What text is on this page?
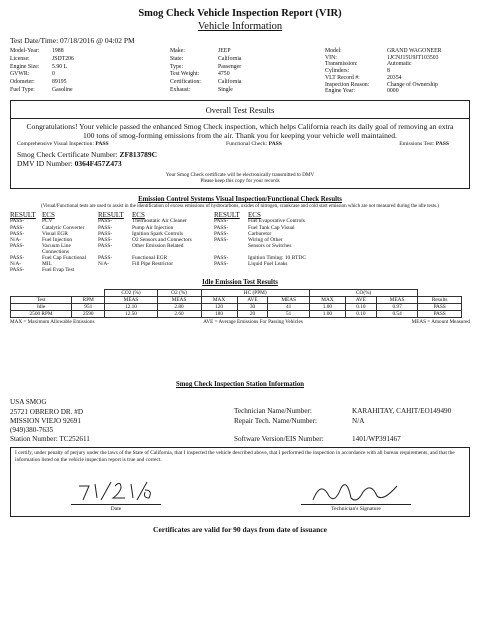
Smog Check Vehicle Inspection Report (VIR)
Vehicle Information
Test Date/Time: 07/18/2016 @ 04:02 PM
Model-Year:	1988
License:	JSDT206
Engine Size:	5.90 L
GVWR:	0
Odometer:	89195
Fuel Type:	Gasoline
Make:	JEEP
State:	California
Type:	Passenger
Test Weight:	4750
Certification:	California
Exhaust:	Single
Model:	GRAND WAGONEER
VIN:	1JCNJ15U9JT103503
Transmission:	Automatic
Cylinders:	8
VLT Record #:	20354
Inspection Reason:	Change of Ownership
Engine Year:	0000
Overall Test Results
Congratulations! Your vehicle passed the enhanced Smog Check inspection, which helps California reach its daily goal of removing an extra 100 tons of smog-forming emissions from the air. Thank you for keeping your vehicle well maintained.
Comprehensive Visual Inspection: PASS	Functional Check: PASS	Emissions Test: PASS
Smog Check Certificate Number: ZF813789C
DMV ID Number: 0364F457Z473
Your Smog Check certificate will be electronically transmitted to DMV
Please keep this copy for your records
Emission Control Systems Visual Inspection/Functional Check Results
(Visual/Functional tests are used to assist in the identification of excess emissions of hydrocarbons, oxides of nitrogen, crankcase and cold start emission which are not measured during the idle tests.)
RESULT ECS	RESULT	ECS	RESULT	ECS
PASS-	PCV	PASS-	Thermostatic Air Cleaner	PASS-	Fuel Evaporative Controls
PASS-	Catalytic Converter	PASS-	Pump Air Injection	PASS-	Fuel Tank Cap Visual
PASS-	Visual EGR	PASS-	Ignition Spark Controls	PASS-	Carburetor
N/A-	Fuel Injection	PASS-	O2 Sensors and Connectors	PASS-	Wiring of Other
PASS-	Vacuum Line Connections
PASS-	Other Emission Related	Sensors or Switches
PASS-	Fuel Cap Functional	PASS-	Functional EGR	PASS-	Ignition Timing: 10 BTDC
N/A-	MIL	N/A-	Fill Pipe Restrictor	PASS-	Liquid Fuel Leaks
PASS-	Fuel Evap Test
Idle Emission Test Results
		CO2 (%)	O2 (%)	HC (PPM)			CO(%)			
Test	RPM	MEAS	MEAS	MAX	AVE	MEAS	MAX	AVE	MEAS	Results
Idle	951	12.10	2.80	120	30	41	1.00	0.10	0.97	PASS
2500 RPM	2590	12.50	2.60	180	20	51	1.00	0.10	0.54	PASS
MAX = Maximum Allowable Emissions	AVE = Average Emissions For Passing Vehicles	MEAS = Amount Measured
Smog Check Inspection Station Information
USA SMOG
25721 OBRERO DR. #D
MISSION VIEJO 92691
(949)380-7635
Station Number: TC252611
Technician Name/Number:	KARAHITAY, CAHIT/EO149490
Repair Tech. Name/Number:	N/A
Software Version/EIS Number:	1401/WP391467
I certify, under penalty of perjury under the laws of the State of California, that I inspected the vehicle described above, that I performed the inspection in accordance with all bureau requirements, and that the information listed on the vehicle inspection report is true and correct.
Date	Technician's Signature
Certificates are valid for 90 days from date of issuance
